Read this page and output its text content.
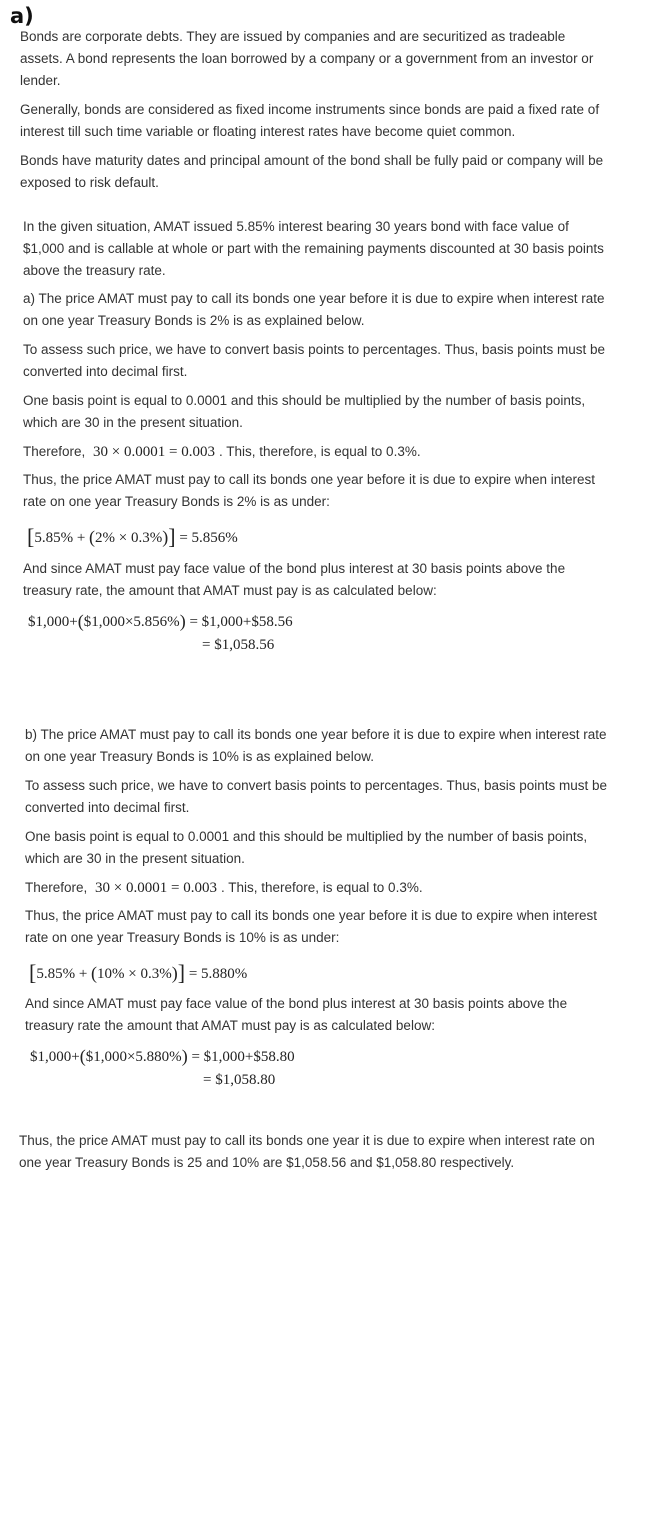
a)

Bonds are corporate debts. They are issued by companies and are securitized as tradeable assets. A bond represents the loan borrowed by a company or a government from an investor or lender.

Generally, bonds are considered as fixed income instruments since bonds are paid a fixed rate of interest till such time variable or floating interest rates have become quiet common.

Bonds have maturity dates and principal amount of the bond shall be fully paid or company will be exposed to risk default.

In the given situation, AMAT issued 5.85% interest bearing 30 years bond with face value of $1,000 and is callable at whole or part with the remaining payments discounted at 30 basis points above the treasury rate.

a) The price AMAT must pay to call its bonds one year before it is due to expire when interest rate on one year Treasury Bonds is 2% is as explained below.

To assess such price, we have to convert basis points to percentages. Thus, basis points must be converted into decimal first.

One basis point is equal to 0.0001 and this should be multiplied by the number of basis points, which are 30 in the present situation.

Therefore, 30 × 0.0001 = 0.003 . This, therefore, is equal to 0.3%.

Thus, the price AMAT must pay to call its bonds one year before it is due to expire when interest rate on one year Treasury Bonds is 2% is as under:

[5.85% + (2% × 0.3%)] = 5.856%

And since AMAT must pay face value of the bond plus interest at 30 basis points above the treasury rate, the amount that AMAT must pay is as calculated below:

$1,000+($1,000×5.856%) = $1,000+$58.56
= $1,058.56

b) The price AMAT must pay to call its bonds one year before it is due to expire when interest rate on one year Treasury Bonds is 10% is as explained below.

To assess such price, we have to convert basis points to percentages. Thus, basis points must be converted into decimal first.

One basis point is equal to 0.0001 and this should be multiplied by the number of basis points, which are 30 in the present situation.

Therefore, 30 × 0.0001 = 0.003 . This, therefore, is equal to 0.3%.

Thus, the price AMAT must pay to call its bonds one year before it is due to expire when interest rate on one year Treasury Bonds is 10% is as under:

[5.85% + (10% × 0.3%)] = 5.880%

And since AMAT must pay face value of the bond plus interest at 30 basis points above the treasury rate the amount that AMAT must pay is as calculated below:

$1,000+($1,000×5.880%) = $1,000+$58.80
= $1,058.80

Thus, the price AMAT must pay to call its bonds one year it is due to expire when interest rate on one year Treasury Bonds is 25 and 10% are $1,058.56 and $1,058.80 respectively.
